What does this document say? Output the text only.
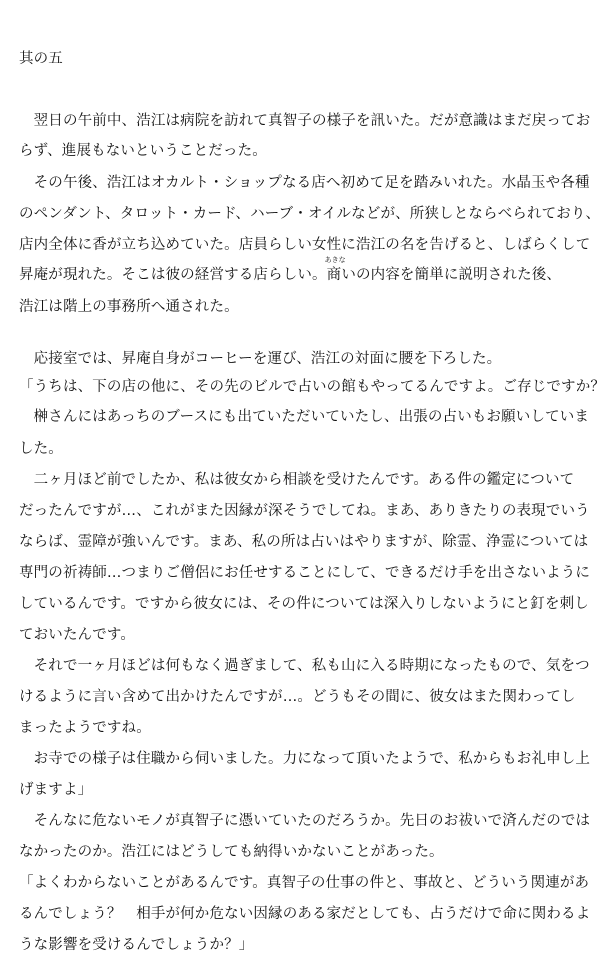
其の五
　翌日の午前中、浩江は病院を訪れて真智子の様子を訊いた。だが意識はまだ戻ってお
らず、進展もないということだった。
　その午後、浩江はオカルト・ショップなる店へ初めて足を踏みいれた。水晶玉や各種
のペンダント、タロット・カード、ハーブ・オイルなどが、所狭しとならべられており、
店内全体に香が立ち込めていた。店員らしい女性に浩江の名を告げると、しばらくして
昇庵が現れた。そこは彼の経営する店らしい。
あきな
商いの内容を簡単に説明された後、
浩江は階上の事務所へ通された。
　応接室では、昇庵自身がコーヒーを運び、浩江の対面に腰を下ろした。
「うちは、下の店の他に、その先のビルで占いの館もやってるんですよ。ご存じですか？
　榊さんにはあっちのブースにも出ていただいていたし、出張の占いもお願いしていま
した。
　二ヶ月ほど前でしたか、私は彼女から相談を受けたんです。ある件の鑑定について
だったんですが…、これがまた因縁が深そうでしてね。まあ、ありきたりの表現でいう
ならば、霊障が強いんです。まあ、私の所は占いはやりますが、除霊、浄霊については
専門の祈祷師…つまりご僧侶にお任せすることにして、できるだけ手を出さないように
しているんです。ですから彼女には、その件については深入りしないようにと釘を刺し
ておいたんです。
　それで一ヶ月ほどは何もなく過ぎまして、私も山に入る時期になったもので、気をつ
けるように言い含めて出かけたんですが…。どうもその間に、彼女はまた関わってし
まったようですね。
　お寺での様子は住職から伺いました。力になって頂いたようで、私からもお礼申し上
げますよ」
　そんなに危ないモノが真智子に憑いていたのだろうか。先日のお祓いで済んだのでは
なかったのか。浩江にはどうしても納得いかないことがあった。
「よくわからないことがあるんです。真智子の仕事の件と、事故と、どういう関連があ
るんでしょう？　相手が何か危ない因縁のある家だとしても、占うだけで命に関わるよ
うな影響を受けるんでしょうか？」
